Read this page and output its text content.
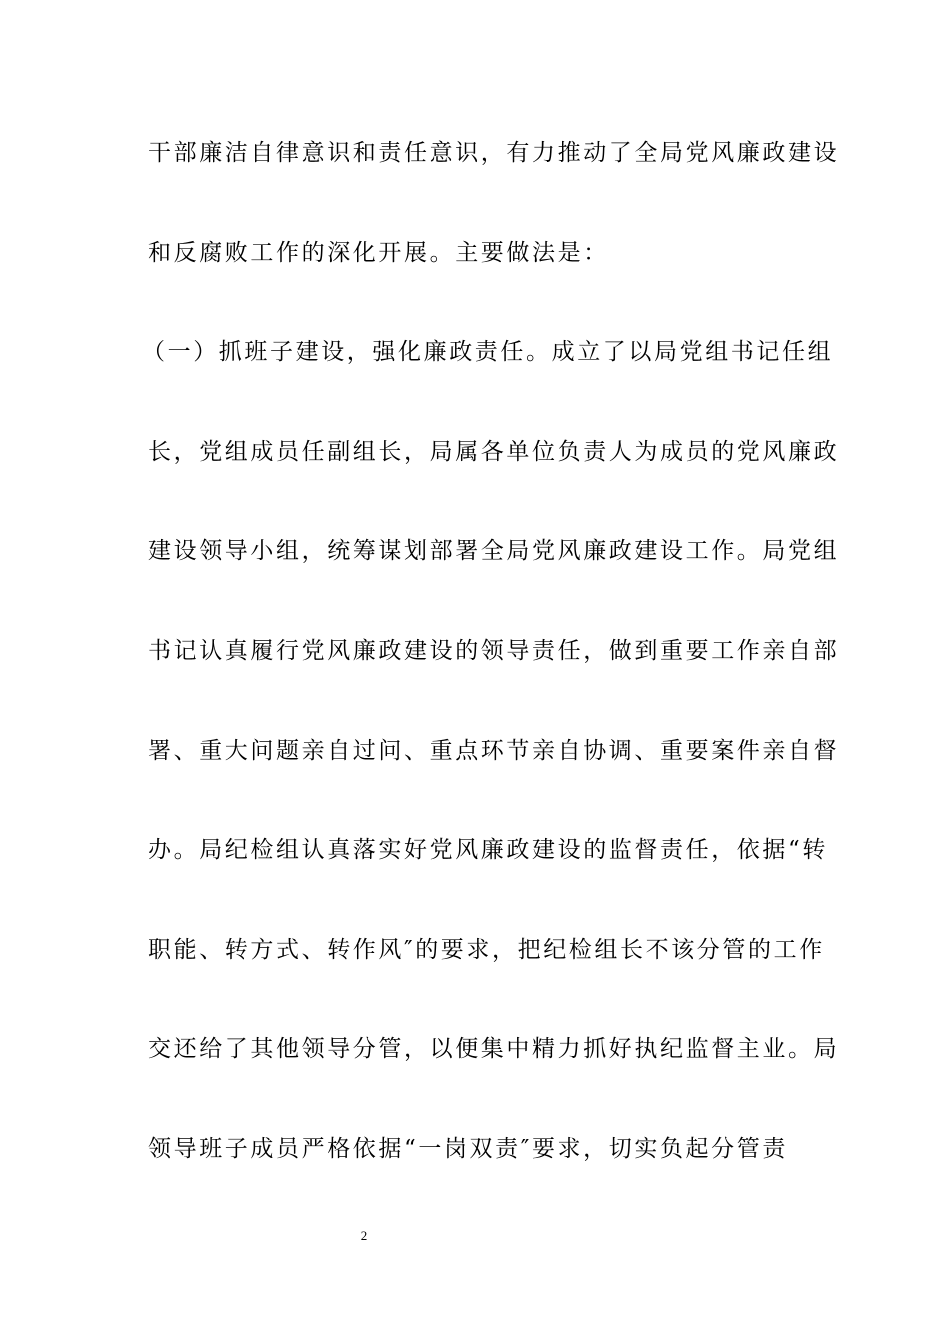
干部廉洁自律意识和责任意识，有力推动了全局党风廉政建设
和反腐败工作的深化开展。主要做法是：
（一）抓班子建设，强化廉政责任。成立了以局党组书记任组
长，党组成员任副组长，局属各单位负责人为成员的党风廉政
建设领导小组，统筹谋划部署全局党风廉政建设工作。局党组
书记认真履行党风廉政建设的领导责任，做到重要工作亲自部
署、重大问题亲自过问、重点环节亲自协调、重要案件亲自督
办。局纪检组认真落实好党风廉政建设的监督责任，依据“转
职能、转方式、转作风″的要求，把纪检组长不该分管的工作
交还给了其他领导分管，以便集中精力抓好执纪监督主业。局
领导班子成员严格依据“一岗双责″要求，切实负起分管责
2
